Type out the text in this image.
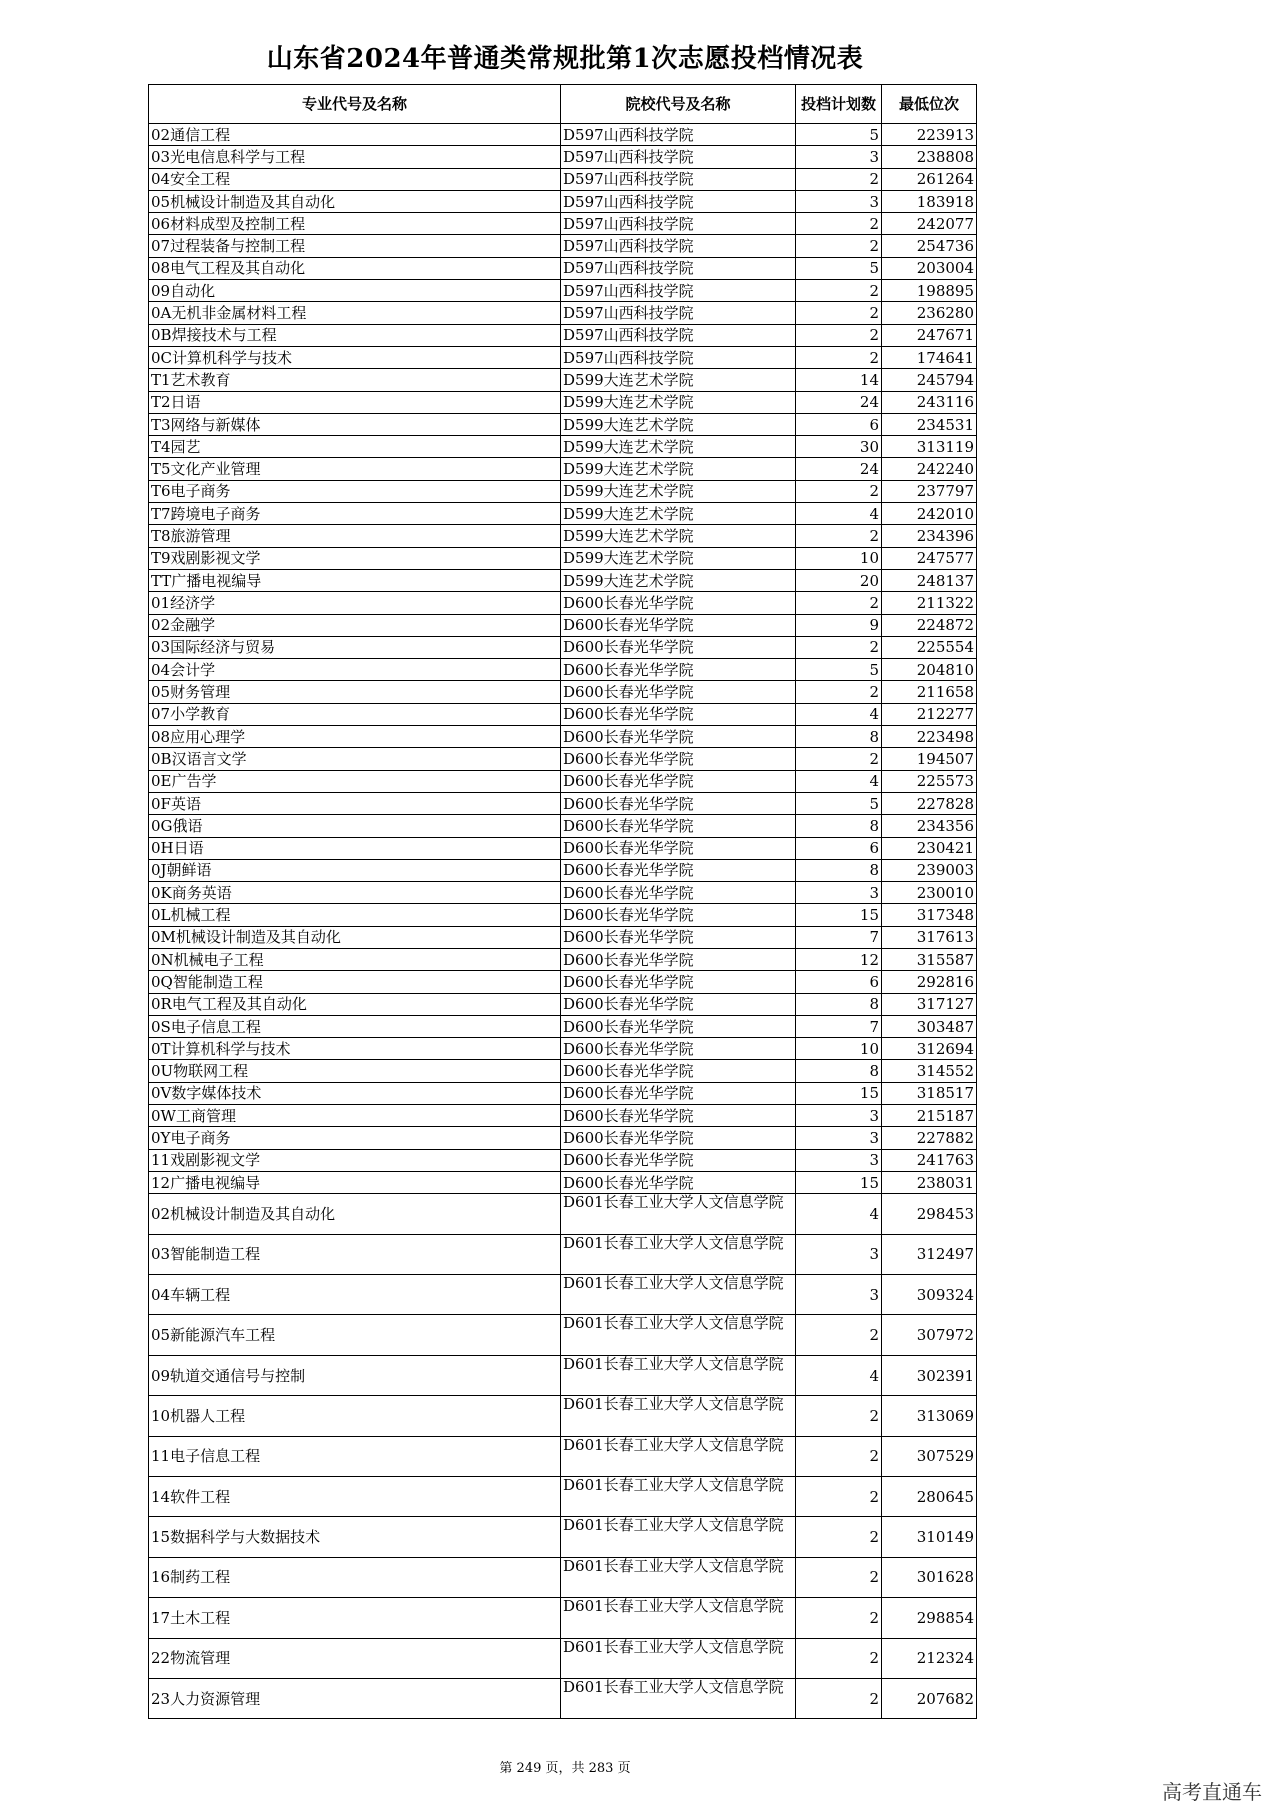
山东省2024年普通类常规批第1次志愿投档情况表
专业代号及名称	院校代号及名称	投档计划数	最低位次
02通信工程	D597山西科技学院	5	223913
03光电信息科学与工程	D597山西科技学院	3	238808
04安全工程	D597山西科技学院	2	261264
05机械设计制造及其自动化	D597山西科技学院	3	183918
06材料成型及控制工程	D597山西科技学院	2	242077
07过程装备与控制工程	D597山西科技学院	2	254736
08电气工程及其自动化	D597山西科技学院	5	203004
09自动化	D597山西科技学院	2	198895
0A无机非金属材料工程	D597山西科技学院	2	236280
0B焊接技术与工程	D597山西科技学院	2	247671
0C计算机科学与技术	D597山西科技学院	2	174641
T1艺术教育	D599大连艺术学院	14	245794
T2日语	D599大连艺术学院	24	243116
T3网络与新媒体	D599大连艺术学院	6	234531
T4园艺	D599大连艺术学院	30	313119
T5文化产业管理	D599大连艺术学院	24	242240
T6电子商务	D599大连艺术学院	2	237797
T7跨境电子商务	D599大连艺术学院	4	242010
T8旅游管理	D599大连艺术学院	2	234396
T9戏剧影视文学	D599大连艺术学院	10	247577
TT广播电视编导	D599大连艺术学院	20	248137
01经济学	D600长春光华学院	2	211322
02金融学	D600长春光华学院	9	224872
03国际经济与贸易	D600长春光华学院	2	225554
04会计学	D600长春光华学院	5	204810
05财务管理	D600长春光华学院	2	211658
07小学教育	D600长春光华学院	4	212277
08应用心理学	D600长春光华学院	8	223498
0B汉语言文学	D600长春光华学院	2	194507
0E广告学	D600长春光华学院	4	225573
0F英语	D600长春光华学院	5	227828
0G俄语	D600长春光华学院	8	234356
0H日语	D600长春光华学院	6	230421
0J朝鲜语	D600长春光华学院	8	239003
0K商务英语	D600长春光华学院	3	230010
0L机械工程	D600长春光华学院	15	317348
0M机械设计制造及其自动化	D600长春光华学院	7	317613
0N机械电子工程	D600长春光华学院	12	315587
0Q智能制造工程	D600长春光华学院	6	292816
0R电气工程及其自动化	D600长春光华学院	8	317127
0S电子信息工程	D600长春光华学院	7	303487
0T计算机科学与技术	D600长春光华学院	10	312694
0U物联网工程	D600长春光华学院	8	314552
0V数字媒体技术	D600长春光华学院	15	318517
0W工商管理	D600长春光华学院	3	215187
0Y电子商务	D600长春光华学院	3	227882
11戏剧影视文学	D600长春光华学院	3	241763
12广播电视编导	D600长春光华学院	15	238031
02机械设计制造及其自动化	D601长春工业大学人文信息学院	4	298453
03智能制造工程	D601长春工业大学人文信息学院	3	312497
04车辆工程	D601长春工业大学人文信息学院	3	309324
05新能源汽车工程	D601长春工业大学人文信息学院	2	307972
09轨道交通信号与控制	D601长春工业大学人文信息学院	4	302391
10机器人工程	D601长春工业大学人文信息学院	2	313069
11电子信息工程	D601长春工业大学人文信息学院	2	307529
14软件工程	D601长春工业大学人文信息学院	2	280645
15数据科学与大数据技术	D601长春工业大学人文信息学院	2	310149
16制药工程	D601长春工业大学人文信息学院	2	301628
17土木工程	D601长春工业大学人文信息学院	2	298854
22物流管理	D601长春工业大学人文信息学院	2	212324
23人力资源管理	D601长春工业大学人文信息学院	2	207682
第 249 页，共 283 页
高考直通车
